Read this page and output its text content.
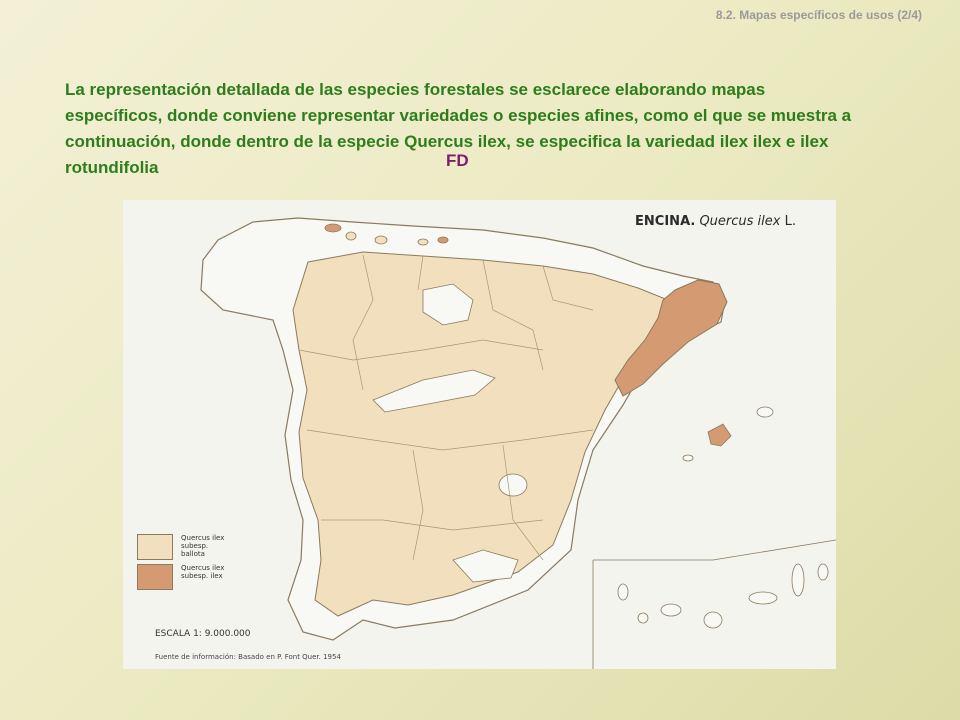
8.2. Mapas específicos de usos (2/4)
La representación detallada de las especies forestales se esclarece elaborando mapas específicos, donde conviene representar variedades o especies afines, como el que se muestra a continuación, donde dentro de la especie Quercus ilex, se especifica la variedad ilex ilex e ilex rotundifolia	FD
ENCINA. Quercus ilex L.
Quercus ilex
subesp. ballota
Quercus ilex
subesp. ilex
ESCALA 1: 9.000.000
Fuente de información: Basado en P. Font Quer. 1954
